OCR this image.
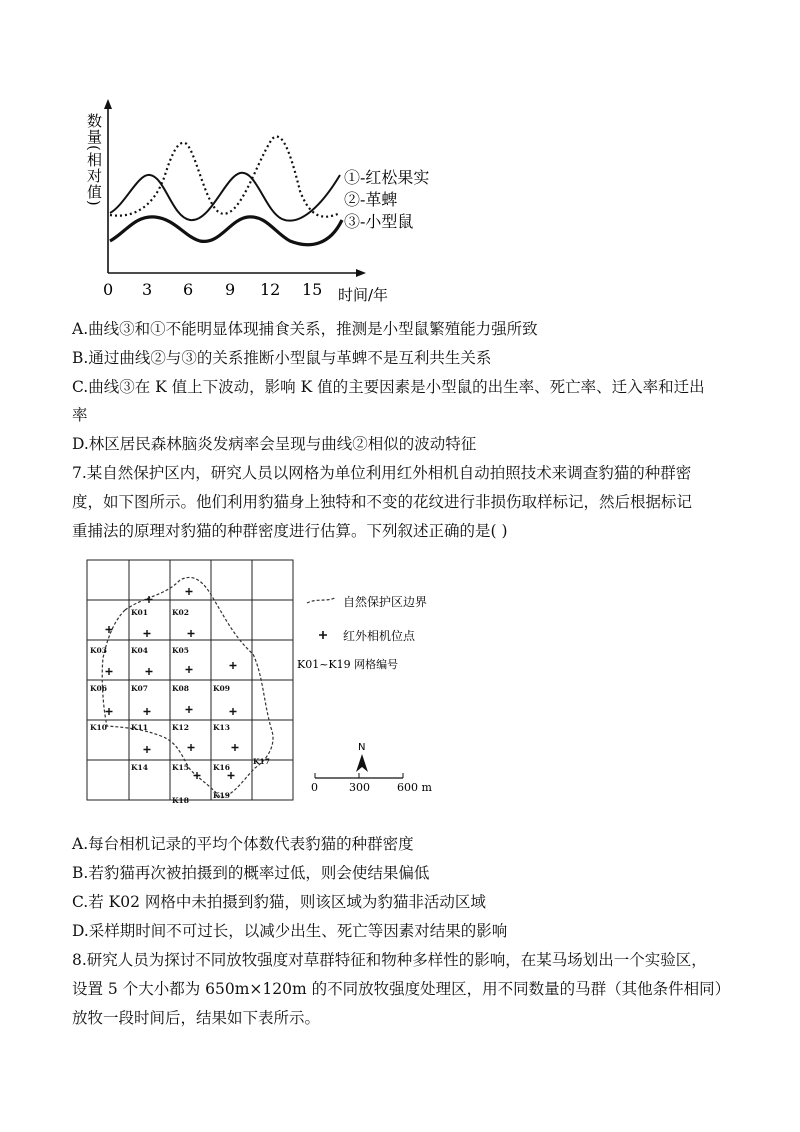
数量(相对值)
0 3 6 9 12 15 时间/年
①-红松果实
②-革蜱
③-小型鼠
A.曲线③和①不能明显体现捕食关系，推测是小型鼠繁殖能力强所致
B.通过曲线②与③的关系推断小型鼠与革蜱不是互利共生关系
C.曲线③在 K 值上下波动，影响 K 值的主要因素是小型鼠的出生率、死亡率、迁入率和迁出
率
D.林区居民森林脑炎发病率会呈现与曲线②相似的波动特征
7.某自然保护区内，研究人员以网格为单位利用红外相机自动拍照技术来调查豹猫的种群密
度，如下图所示。他们利用豹猫身上独特和不变的花纹进行非损伤取样标记，然后根据标记
重捕法的原理对豹猫的种群密度进行估算。下列叙述正确的是( )
K01	K02
K03	K04	K05
K06	K07	K08	K09
K10	K11	K12	K13
K14	K15	K16
K17
K18
K19
自然保护区边界
红外相机位点
K01~K19 网格编号
N
0	300 600 m
A.每台相机记录的平均个体数代表豹猫的种群密度
B.若豹猫再次被拍摄到的概率过低，则会使结果偏低
C.若 K02 网格中未拍摄到豹猫，则该区域为豹猫非活动区域
D.采样期时间不可过长，以减少出生、死亡等因素对结果的影响
8.研究人员为探讨不同放牧强度对草群特征和物种多样性的影响，在某马场划出一个实验区，
设置 5 个大小都为 650m×120m 的不同放牧强度处理区，用不同数量的马群（其他条件相同）
放牧一段时间后，结果如下表所示。
